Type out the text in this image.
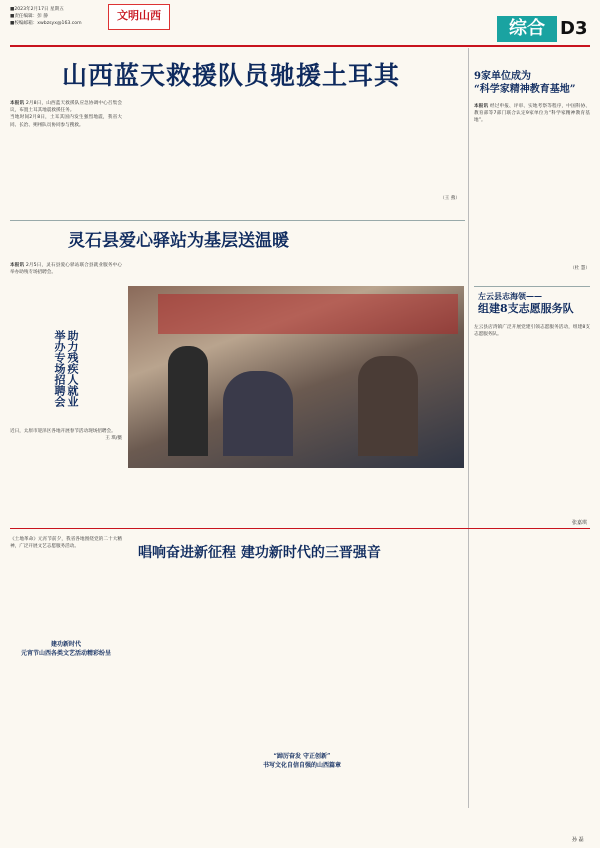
■2023年2月17日 星期五
■责任编辑：彭 静
■校编邮箱：xwbzsyx@163.com
文明山西
综合 D3
山西蓝天救援队员驰援土耳其
本报讯 2月8日，山西蓝天救援队应急协调中心召集会议，布置土耳其地震救援任务。
当地时间2月8日，土耳其国内发生强烈地震，我省大同、长治、朔州队员协同参与搜救。
（王 燕）
灵石县爱心驿站为基层送温暖
本报讯 2月5日，灵石县爱心驿站联合县就业服务中心举办助残专场招聘会。
助力残疾人就业 举办专场招聘会
近日，太原市迎泽区各地开展春节活动现场招聘会。
王 琪/摄
9家单位成为
“科学家精神教育基地”
本报讯 经过申报、评审、实地考察等程序，中国科协、教育部等7部门联合认定9家单位为“科学家精神教育基地”。
（杜 慧）
左云县志海领——
组建8支志愿服务队
左云县店湾镇广泛开展党建引领志愿服务活动，组建8支志愿服务队。
张嘉琪
《土地革命》元宵节前夕，我省各地围绕党的二十大精神，广泛开展文艺志愿服务活动。	唱响奋进新征程 建功新时代的三晋强音
建功新时代
元宵节山西各类文艺活动精彩纷呈
“踔厉奋发 守正创新”
书写文化自信自强的山西篇章
孙 磊
